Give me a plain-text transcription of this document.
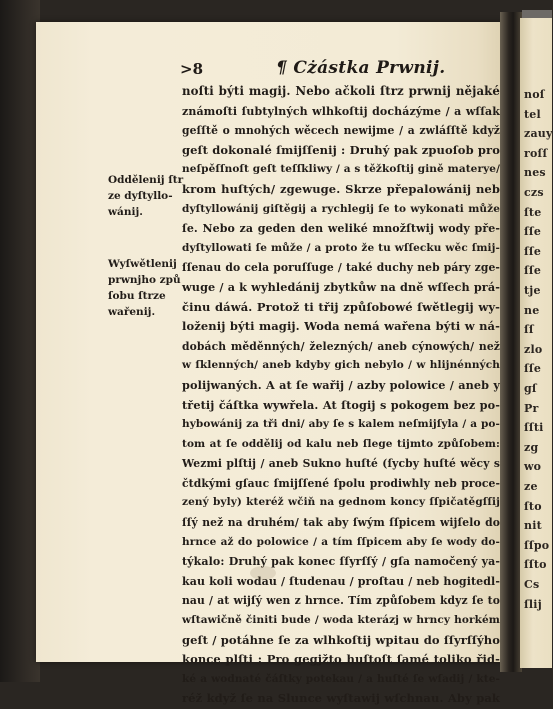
>8	¶ Cżástka Prwnij.
Oddělenij ſtr
ze dyſtyllo-
wánij.
Wyſwětlenij
prwnjho způ
ſobu ſtrze
wařenij.
noſti býti magij. Nebo ačkoli ſtrz prwnij nějaké
známoſti ſubtylných wlhkoſtij docházýme / a wſſak
geſſtě o mnohých wěcech newijme / a zwláſſtě když
geſt dokonalé ſmijſſenij : Druhý pak zpuoſob pro
neſpěſſnoſt geſt teſſkliwy / a s těžkoſtij gině materye/
krom huſtých/ zgewuge. Skrze přepalowánij neb
dyſtyllowánij giſtěgij a rychlegij ſe to wykonati může
ſe. Nebo za geden den weliké množſtwij wody pře-
dyſtyllowati ſe může / a proto že tu wſſecku wěc ſmij-
ſſenau do cela poruſſuge / také duchy neb páry zge-
wuge / a k wyhledánij zbytkůw na dně wſſech prá-
činu dáwá. Protož ti třij způſobowé ſwětlegij wy-
loženij býti magij. Woda nemá wařena býti w ná-
dobách měděnných/ železných/ aneb cýnowých/ než
w ſklenných/ aneb kdyby gich nebylo / w hlijnénných
polijwaných. A at ſe wařij / azby polowice / aneb y
třetij čáſtka wywřela. At ſtogij s pokogem bez po-
hybowánij za tři dni/ aby ſe s kalem neſmijſyla / a po-
tom at ſe oddělij od kalu neb ſlege tijmto způſobem:
Wezmi plſtij / aneb Sukno huſté (ſycby huſté wěcy s
čtdkými gſauc ſmijſſené ſpolu prodiwhly neb proce-
zený byly) kteréž wčiň na gednom koncy ſſpičatěgſſij
ſſý než na druhém/ tak aby ſwým ſſpicem wijſelo do
hrnce až do polowice / a tím ſſpicem aby ſe wody do-
týkalo: Druhý pak konec ſſyrſſý / gſa namočený ya-
kau koli wodau / ſtudenau / proſtau / neb hogitedl-
nau / at wijſý wen z hrnce. Tím způſobem kdyz ſe to
wſtawičně činiti bude / woda kterázj w hrncy horkém
geſt / potáhne ſe za wlhkoſtij wpitau do ſſyrſſýho
konce plſti : Pro gegjžto huſtoſt ſamé toliko řid-
ké a wodnaté čáſtky potekau / a huſté ſe wſadij / kte-
réž když ſe na Slunce wyſtawij wſchnau. Aby pak
noſ
tel
zauy
roſſ
nes
czs
ſte
ſſe
ſſe
ſſe
tje
ne
ſſ
zlo
ſſe
gſ
Pr
ſſti
zg
wo
ze
ſto
nit
ſſpo
ſſto
Cs
ſlij
